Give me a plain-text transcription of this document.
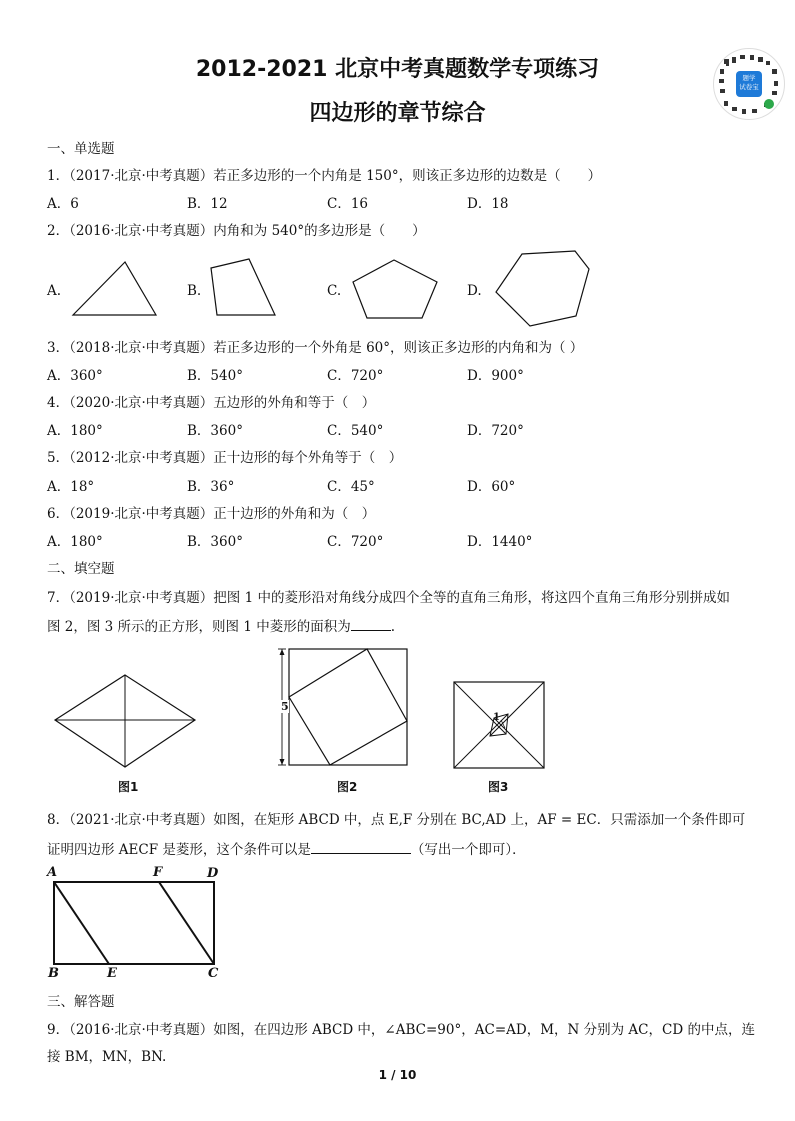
2012-2021 北京中考真题数学专项练习
四边形的章节综合
题学
试卷宝
一、单选题
1．（2017·北京·中考真题）若正多边形的一个内角是 150°，则该正多边形的边数是（　　）
A．6	B．12	C．16	D．18
2．（2016·北京·中考真题）内角和为 540°的多边形是（　　）
A.	B.	C.	D.
3．（2018·北京·中考真题）若正多边形的一个外角是 60°，则该正多边形的内角和为（ ）
A．360°	B．540°	C．720°	D．900°
4．（2020·北京·中考真题）五边形的外角和等于（　）
A．180°	B．360°	C．540°	D．720°
5．（2012·北京·中考真题）正十边形的每个外角等于（　）
A．18°	B．36°	C．45°	D．60°
6．（2019·北京·中考真题）正十边形的外角和为（　）
A．180°	B．360°	C．720°	D．1440°
二、填空题
7．（2019·北京·中考真题）把图 1 中的菱形沿对角线分成四个全等的直角三角形，将这四个直角三角形分别拼成如
图 2，图 3 所示的正方形，则图 1 中菱形的面积为	.
图1
5
图2
1
图3
8．（2021·北京·中考真题）如图，在矩形 ABCD 中，点 E,F 分别在 BC,AD 上，AF = EC．只需添加一个条件即可
证明四边形 AECF 是菱形，这个条件可以是	（写出一个即可）．
A	F	D
B	E	C
三、解答题
9．（2016·北京·中考真题）如图，在四边形 ABCD 中，∠ABC=90°，AC=AD，M，N 分别为 AC，CD 的中点，连
接 BM，MN，BN.
1 / 10
